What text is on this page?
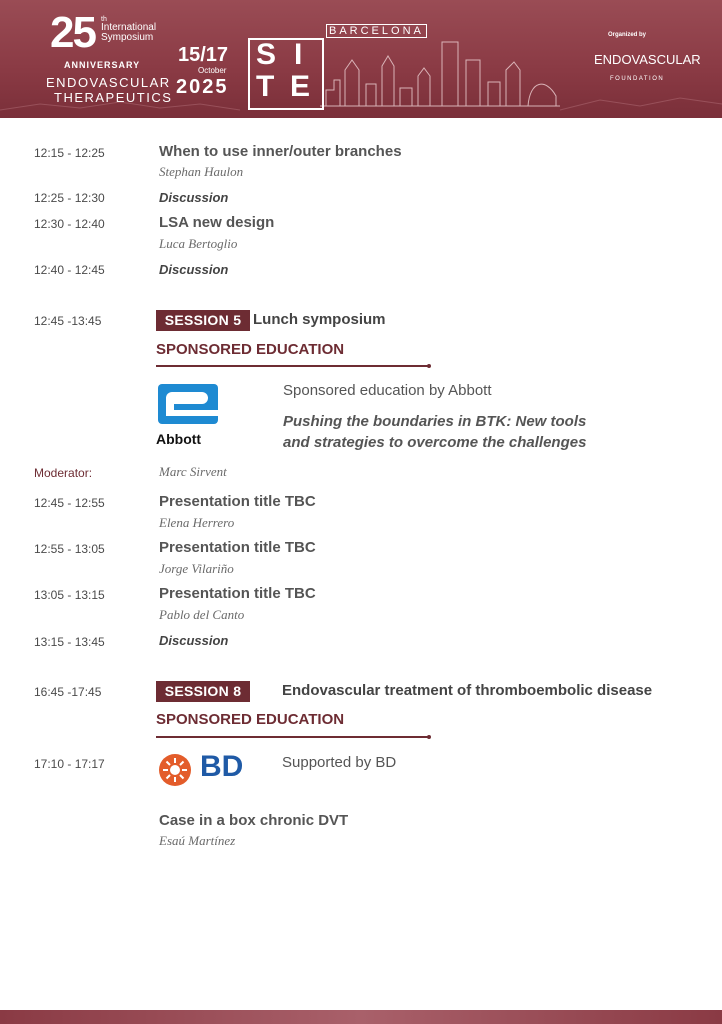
25 th
International
Symposium
ANNIVERSARY
ENDOVASCULAR
THERAPEUTICS
15/17
October
2025
S I
T E
BARCELONA	Organized by
ENDOVASCULAR
FOUNDATION
12:15 - 12:25	When to use inner/outer branches
Stephan Haulon
12:25 - 12:30	Discussion
12:30 - 12:40	LSA new design
Luca Bertoglio
12:40 - 12:45	Discussion
12:45 -13:45	SESSION 5 Lunch symposium
SPONSORED EDUCATION
Abbott
Sponsored education by Abbott
Pushing the boundaries in BTK: New tools
and strategies to overcome the challenges
Moderator:	Marc Sirvent
12:45 - 12:55	Presentation title TBC
Elena Herrero
12:55 - 13:05	Presentation title TBC
Jorge Vilariño
13:05 - 13:15	Presentation title TBC
Pablo del Canto
13:15 - 13:45	Discussion
16:45 -17:45	SESSION 8	Endovascular treatment of thromboembolic disease
SPONSORED EDUCATION
17:10 - 17:17	BD	Supported by BD
Case in a box chronic DVT
Esaú Martínez
